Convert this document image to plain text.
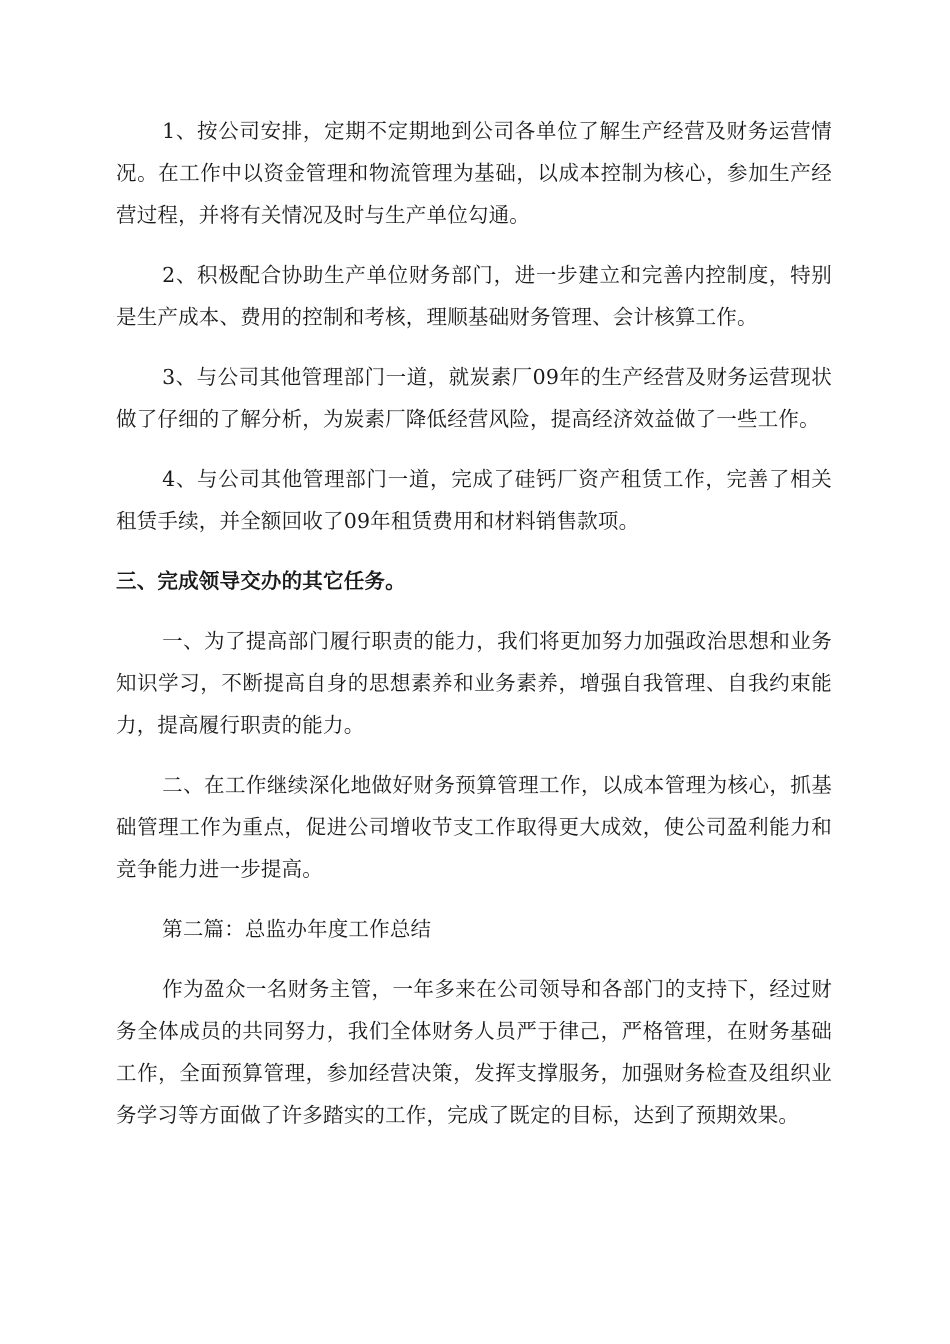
1、按公司安排，定期不定期地到公司各单位了解生产经营及财务运营情况。在工作中以资金管理和物流管理为基础，以成本控制为核心，参加生产经营过程，并将有关情况及时与生产单位勾通。

2、积极配合协助生产单位财务部门，进一步建立和完善内控制度，特别是生产成本、费用的控制和考核，理顺基础财务管理、会计核算工作。

3、与公司其他管理部门一道，就炭素厂09年的生产经营及财务运营现状做了仔细的了解分析，为炭素厂降低经营风险，提高经济效益做了一些工作。

4、与公司其他管理部门一道，完成了硅钙厂资产租赁工作，完善了相关租赁手续，并全额回收了09年租赁费用和材料销售款项。

三、完成领导交办的其它任务。

一、为了提高部门履行职责的能力，我们将更加努力加强政治思想和业务知识学习，不断提高自身的思想素养和业务素养，增强自我管理、自我约束能力，提高履行职责的能力。

二、在工作继续深化地做好财务预算管理工作，以成本管理为核心，抓基础管理工作为重点，促进公司增收节支工作取得更大成效，使公司盈利能力和竞争能力进一步提高。

第二篇：总监办年度工作总结

作为盈众一名财务主管，一年多来在公司领导和各部门的支持下，经过财务全体成员的共同努力，我们全体财务人员严于律己，严格管理，在财务基础工作，全面预算管理，参加经营决策，发挥支撑服务，加强财务检查及组织业务学习等方面做了许多踏实的工作，完成了既定的目标，达到了预期效果。
